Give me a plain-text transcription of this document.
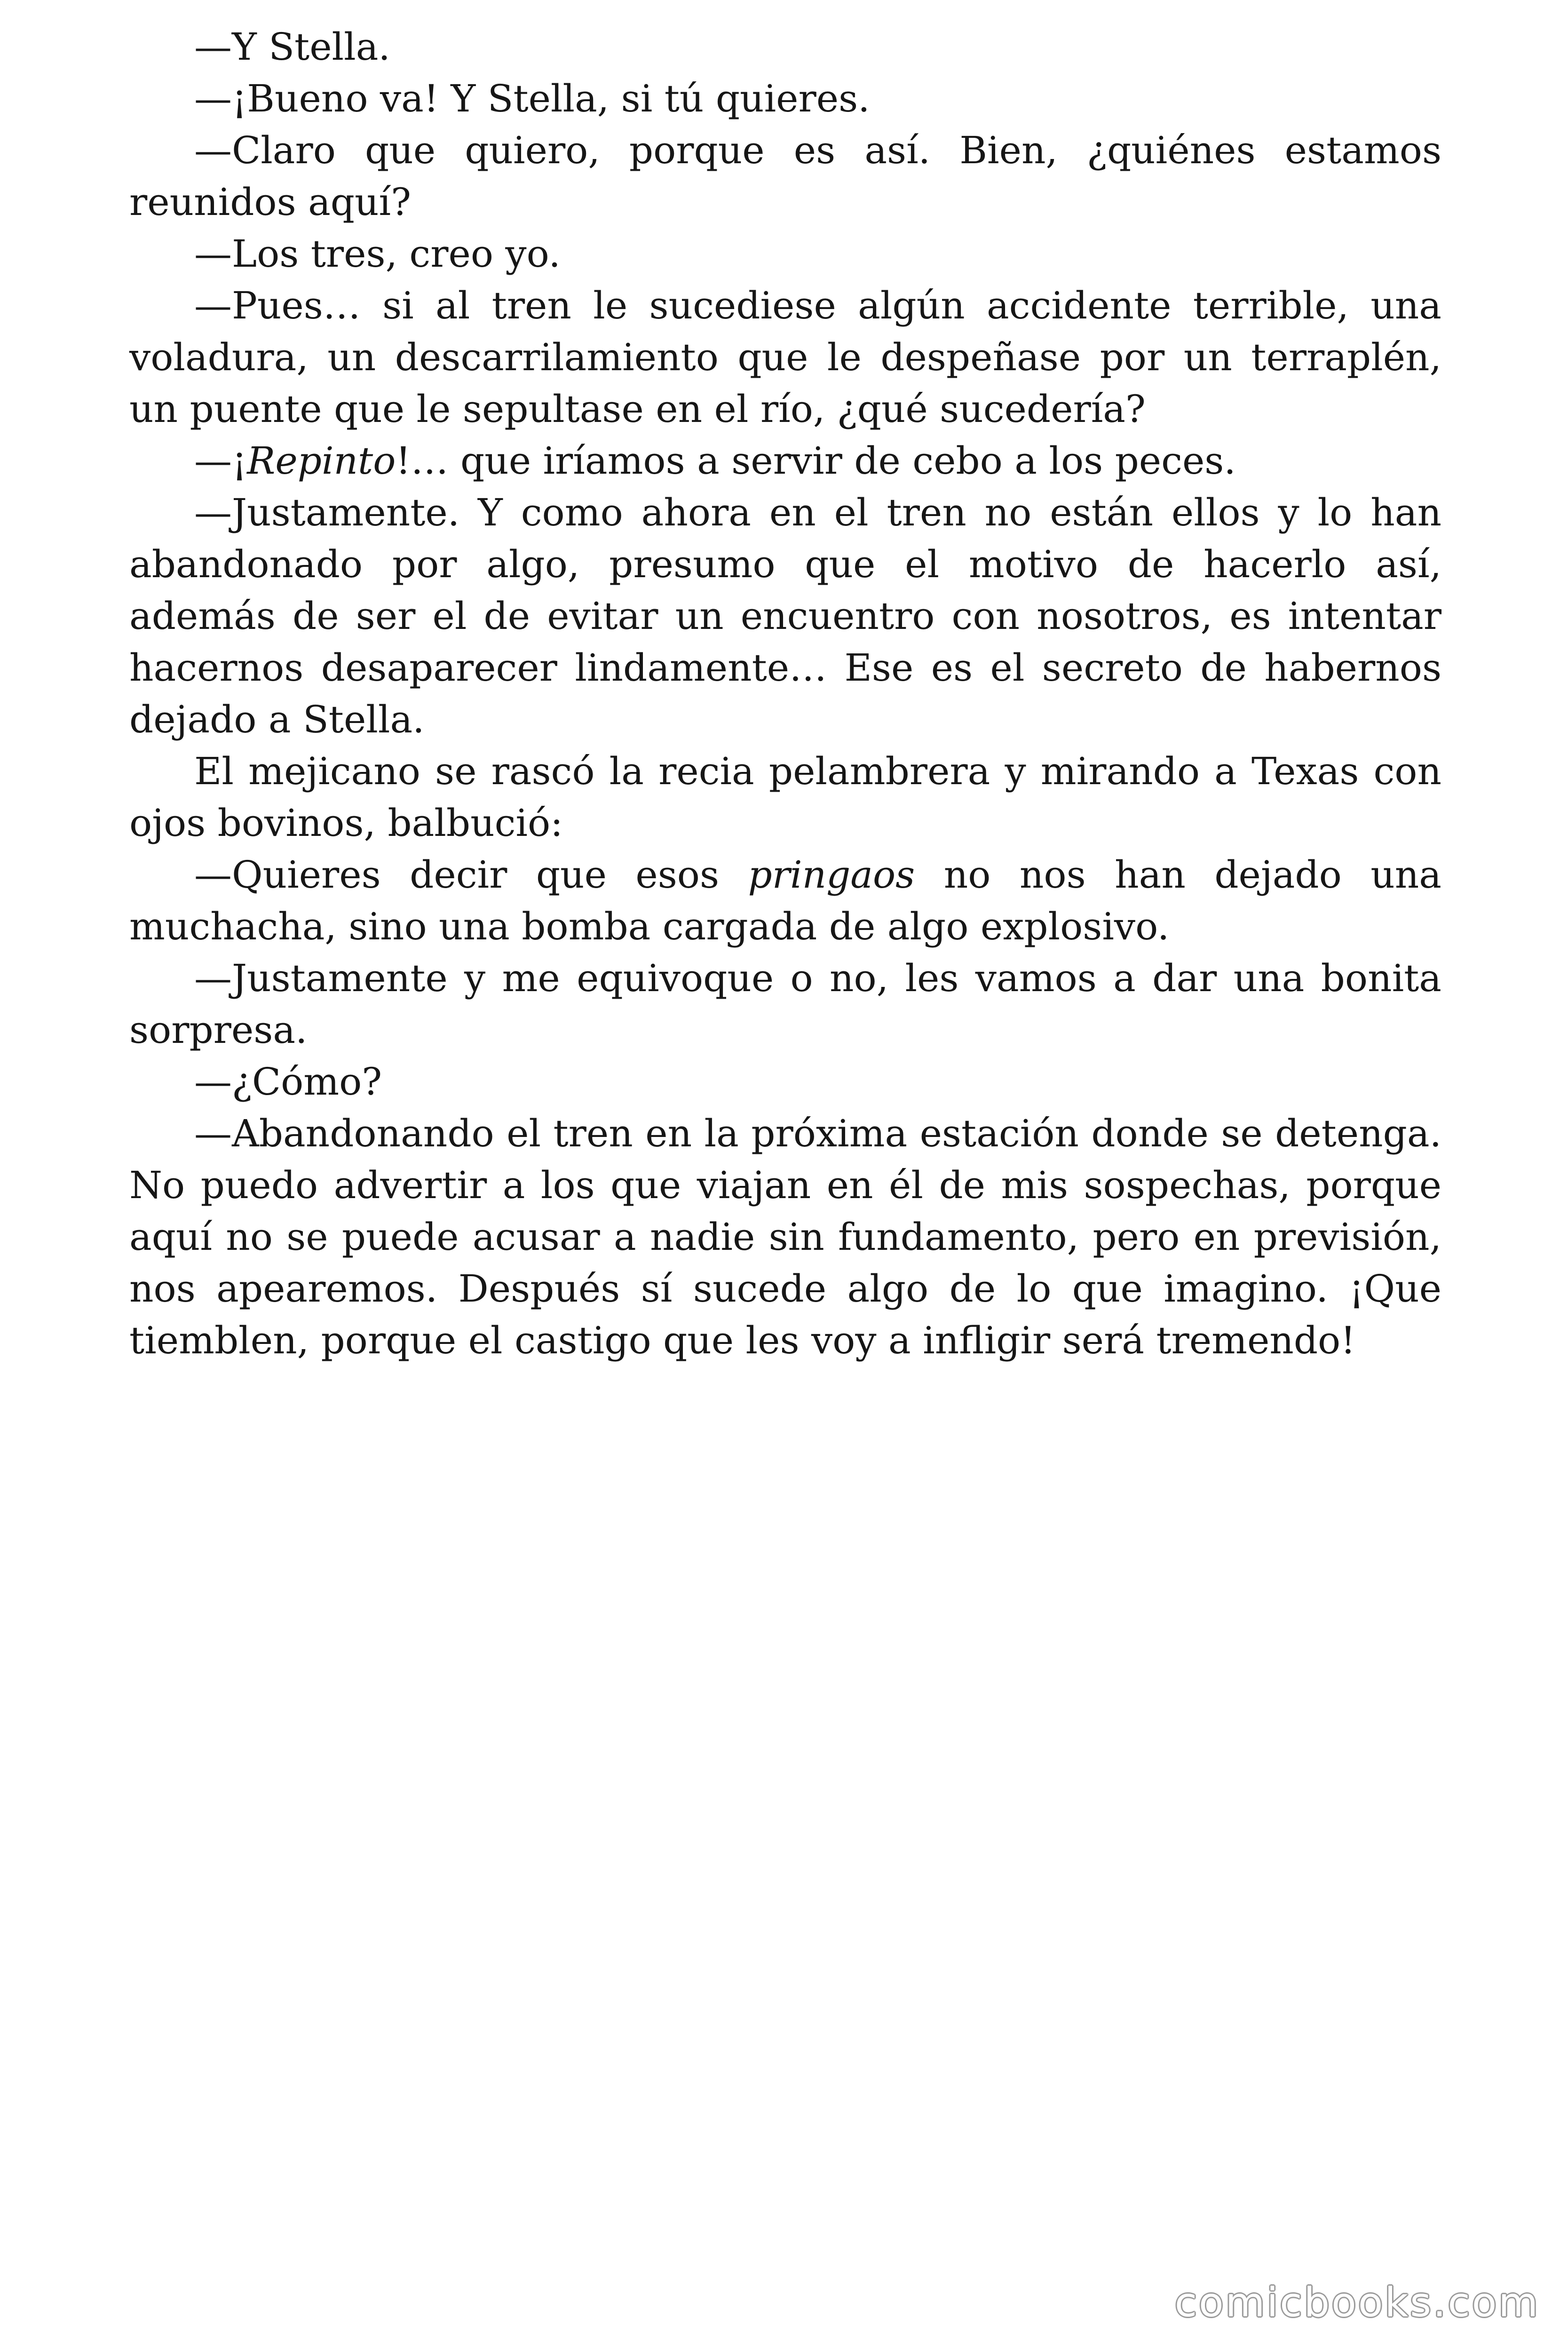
—Y Stella.

—¡Bueno va! Y Stella, si tú quieres.

—Claro que quiero, porque es así. Bien, ¿quiénes estamos reunidos aquí?

—Los tres, creo yo.

—Pues… si al tren le sucediese algún accidente terrible, una voladura, un descarrilamiento que le despeñase por un terraplén, un puente que le sepultase en el río, ¿qué sucedería?

—¡Repinto!… que iríamos a servir de cebo a los peces.

—Justamente. Y como ahora en el tren no están ellos y lo han abandonado por algo, presumo que el motivo de hacerlo así, además de ser el de evitar un encuentro con nosotros, es intentar hacernos desaparecer lindamente… Ese es el secreto de habernos dejado a Stella.

El mejicano se rascó la recia pelambrera y mirando a Texas con ojos bovinos, balbució:

—Quieres decir que esos pringaos no nos han dejado una muchacha, sino una bomba cargada de algo explosivo.

—Justamente y me equivoque o no, les vamos a dar una bonita sorpresa.

—¿Cómo?

—Abandonando el tren en la próxima estación donde se detenga. No puedo advertir a los que viajan en él de mis sospechas, porque aquí no se puede acusar a nadie sin fundamento, pero en previsión, nos apearemos. Después sí sucede algo de lo que imagino. ¡Que tiemblen, porque el castigo que les voy a infligir será tremendo!

comicbooks.com
